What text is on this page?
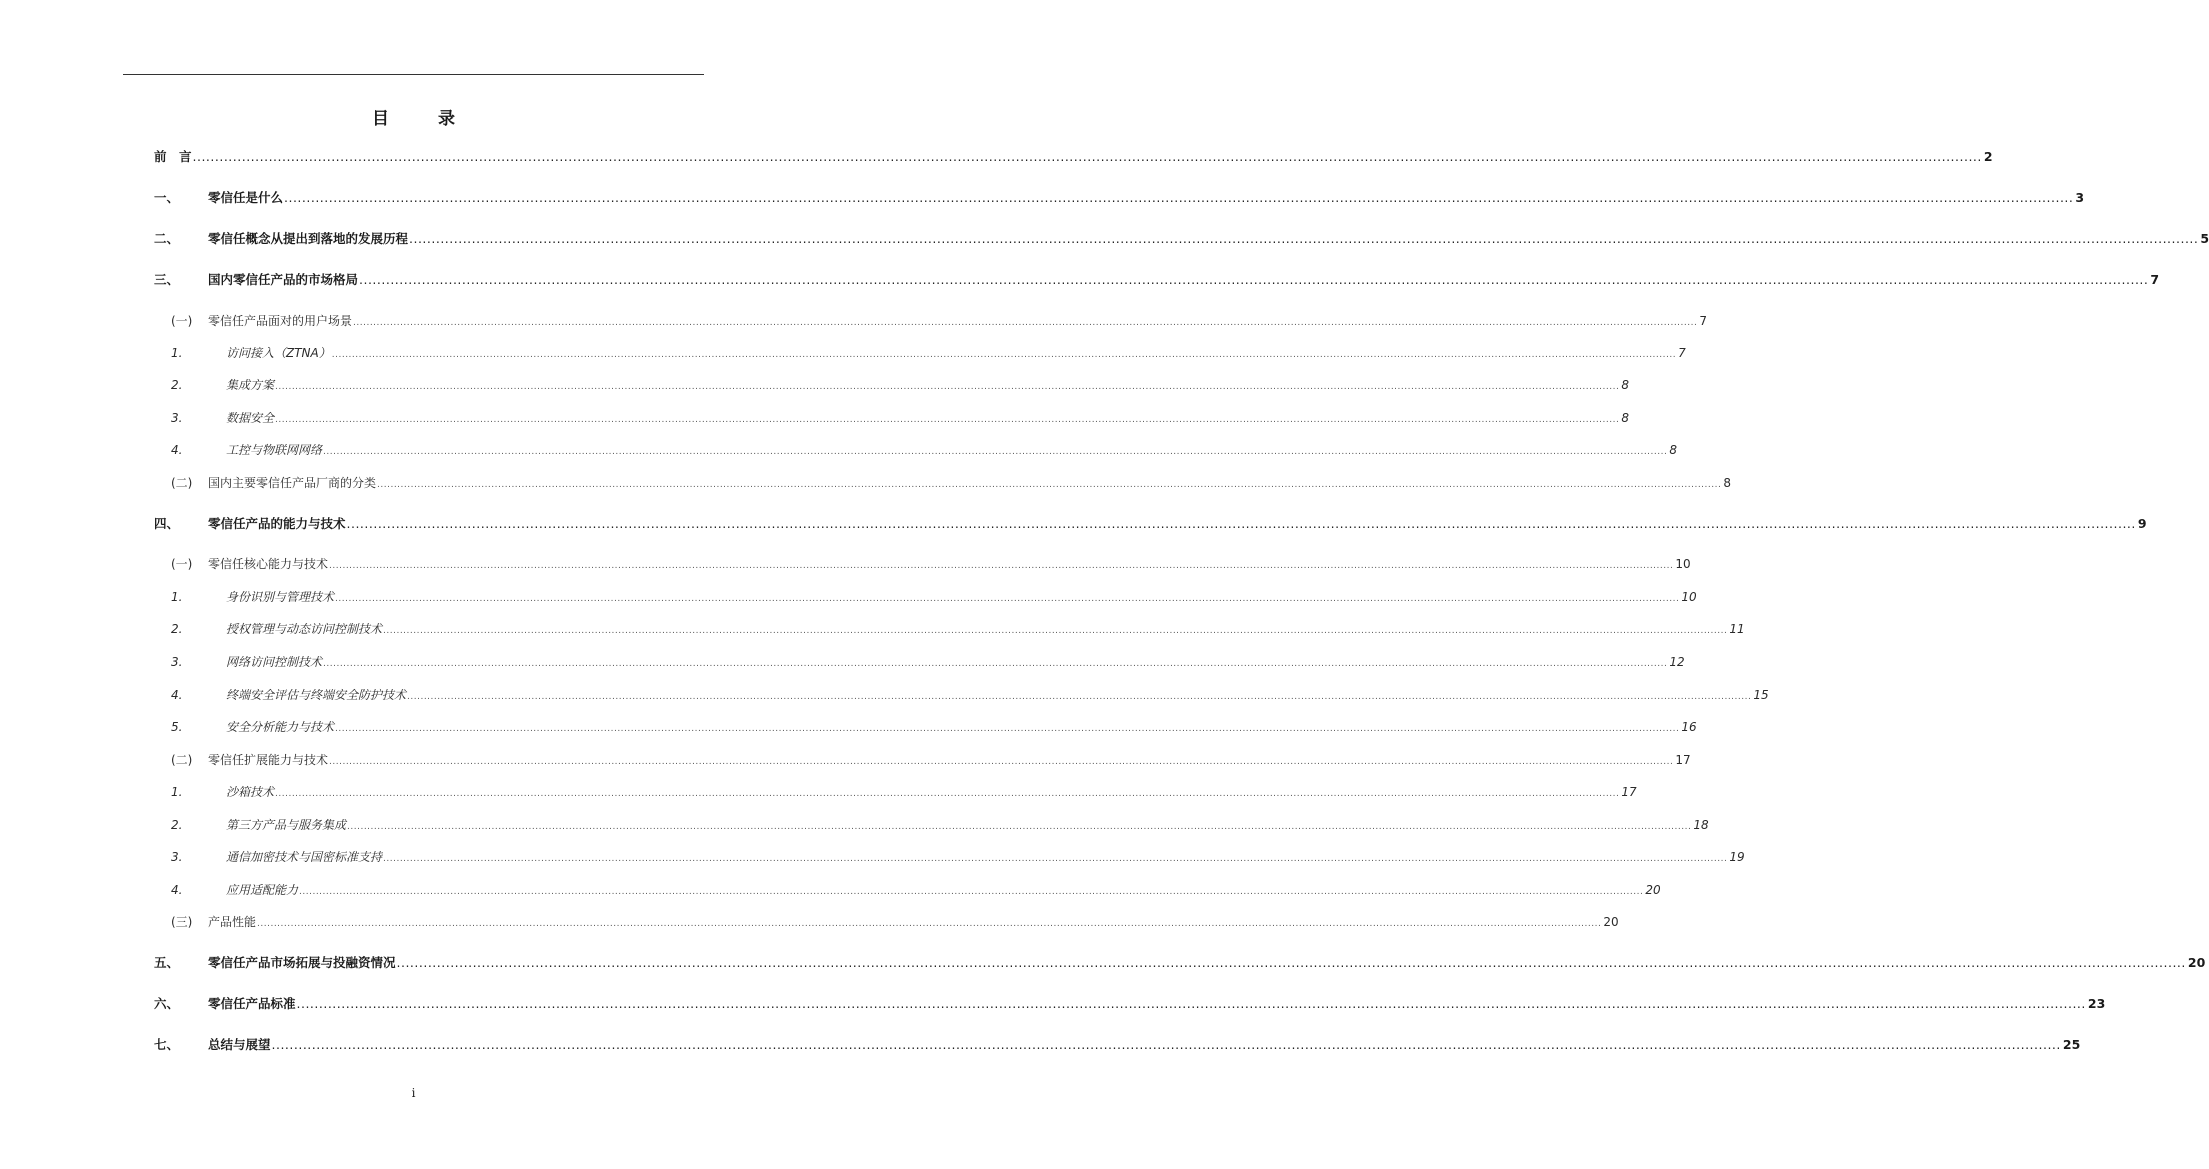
目　录
前　言 ................................................................................................................................................................................................................................................................................................................................................................................................................ 2
一、	零信任是什么 ................................................................................................................................................................................................................................................................................................................................................................................................................ 3
二、	零信任概念从提出到落地的发展历程 ................................................................................................................................................................................................................................................................................................................................................................................................................ 5
三、	国内零信任产品的市场格局 ................................................................................................................................................................................................................................................................................................................................................................................................................ 7
(一)	零信任产品面对的用户场景 ................................................................................................................................................................................................................................................................................................................................................................................................................ 7
1.	访问接入（ZTNA） ................................................................................................................................................................................................................................................................................................................................................................................................................ 7
2.	集成方案 ................................................................................................................................................................................................................................................................................................................................................................................................................ 8
3.	数据安全 ................................................................................................................................................................................................................................................................................................................................................................................................................ 8
4.	工控与物联网网络 ................................................................................................................................................................................................................................................................................................................................................................................................................ 8
(二)	国内主要零信任产品厂商的分类 ................................................................................................................................................................................................................................................................................................................................................................................................................ 8
四、	零信任产品的能力与技术 ................................................................................................................................................................................................................................................................................................................................................................................................................ 9
(一)	零信任核心能力与技术 ................................................................................................................................................................................................................................................................................................................................................................................................................ 10
1.	身份识别与管理技术 ................................................................................................................................................................................................................................................................................................................................................................................................................ 10
2.	授权管理与动态访问控制技术 ................................................................................................................................................................................................................................................................................................................................................................................................................ 11
3.	网络访问控制技术 ................................................................................................................................................................................................................................................................................................................................................................................................................ 12
4.	终端安全评估与终端安全防护技术 ................................................................................................................................................................................................................................................................................................................................................................................................................ 15
5.	安全分析能力与技术 ................................................................................................................................................................................................................................................................................................................................................................................................................ 16
(二)	零信任扩展能力与技术 ................................................................................................................................................................................................................................................................................................................................................................................................................ 17
1.	沙箱技术 ................................................................................................................................................................................................................................................................................................................................................................................................................ 17
2.	第三方产品与服务集成 ................................................................................................................................................................................................................................................................................................................................................................................................................ 18
3.	通信加密技术与国密标准支持 ................................................................................................................................................................................................................................................................................................................................................................................................................ 19
4.	应用适配能力 ................................................................................................................................................................................................................................................................................................................................................................................................................ 20
(三)	产品性能 ................................................................................................................................................................................................................................................................................................................................................................................................................ 20
五、	零信任产品市场拓展与投融资情况 ................................................................................................................................................................................................................................................................................................................................................................................................................ 20
六、	零信任产品标准 ................................................................................................................................................................................................................................................................................................................................................................................................................ 23
七、	总结与展望 ................................................................................................................................................................................................................................................................................................................................................................................................................ 25
i
